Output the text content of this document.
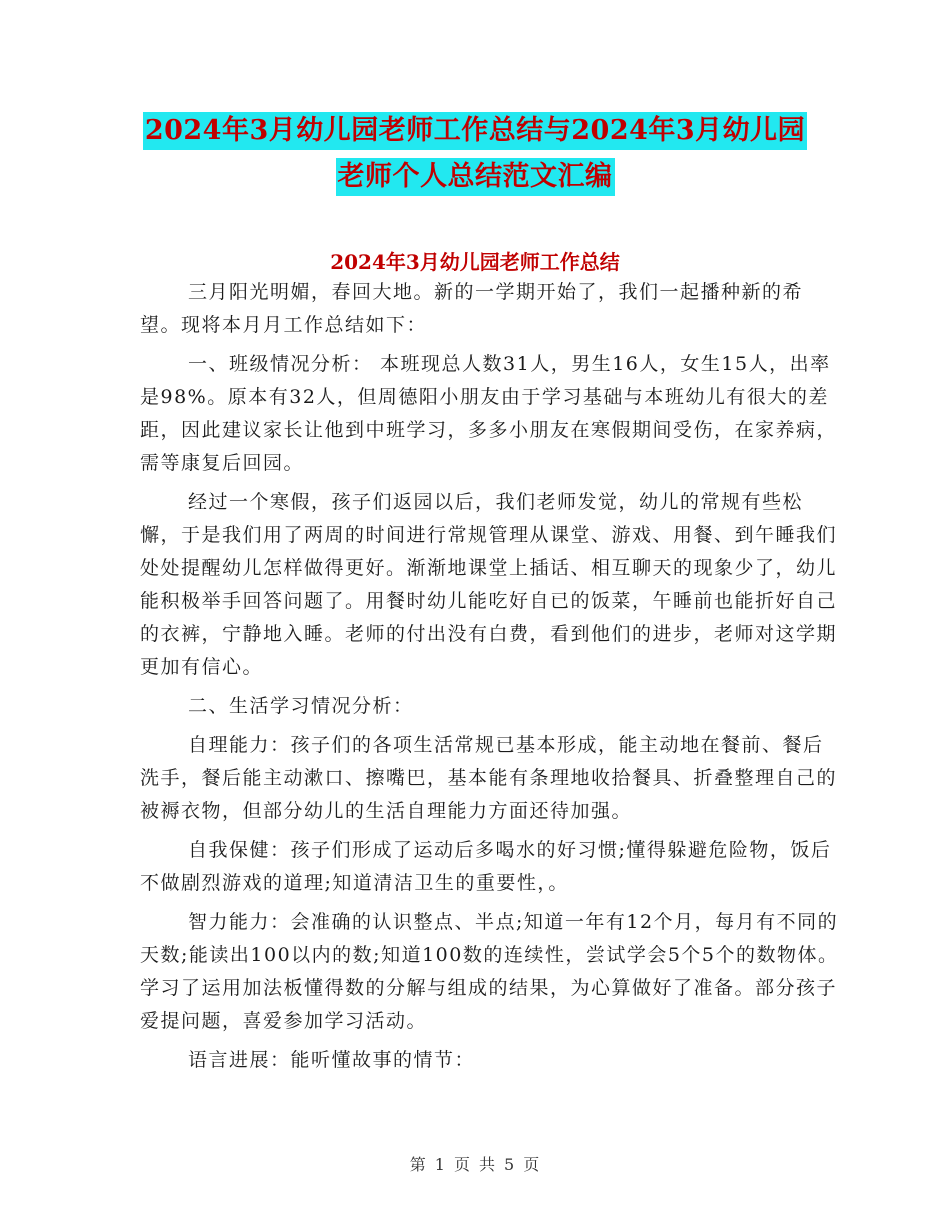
2024年3月幼儿园老师工作总结与2024年3月幼儿园
老师个人总结范文汇编
2024年3月幼儿园老师工作总结

三月阳光明媚，春回大地。新的一学期开始了，我们一起播种新的希望。现将本月月工作总结如下：

一、班级情况分析： 本班现总人数31人，男生16人，女生15人，出率是98%。原本有32人，但周德阳小朋友由于学习基础与本班幼儿有很大的差距，因此建议家长让他到中班学习，多多小朋友在寒假期间受伤，在家养病，需等康复后回园。

经过一个寒假，孩子们返园以后，我们老师发觉，幼儿的常规有些松懈，于是我们用了两周的时间进行常规管理从课堂、游戏、用餐、到午睡我们处处提醒幼儿怎样做得更好。渐渐地课堂上插话、相互聊天的现象少了，幼儿能积极举手回答问题了。用餐时幼儿能吃好自已的饭菜，午睡前也能折好自己的衣裤，宁静地入睡。老师的付出没有白费，看到他们的进步，老师对这学期更加有信心。

二、生活学习情况分析：

自理能力：孩子们的各项生活常规已基本形成，能主动地在餐前、餐后洗手，餐后能主动漱口、擦嘴巴，基本能有条理地收拾餐具、折叠整理自己的被褥衣物，但部分幼儿的生活自理能力方面还待加强。

自我保健：孩子们形成了运动后多喝水的好习惯;懂得躲避危险物，饭后不做剧烈游戏的道理;知道清洁卫生的重要性，。

智力能力：会准确的认识整点、半点;知道一年有12个月，每月有不同的天数;能读出100以内的数;知道100数的连续性，尝试学会5个5个的数物体。学习了运用加法板懂得数的分解与组成的结果，为心算做好了准备。部分孩子爱提问题，喜爱参加学习活动。

语言进展：能听懂故事的情节：

第 1 页 共 5 页
